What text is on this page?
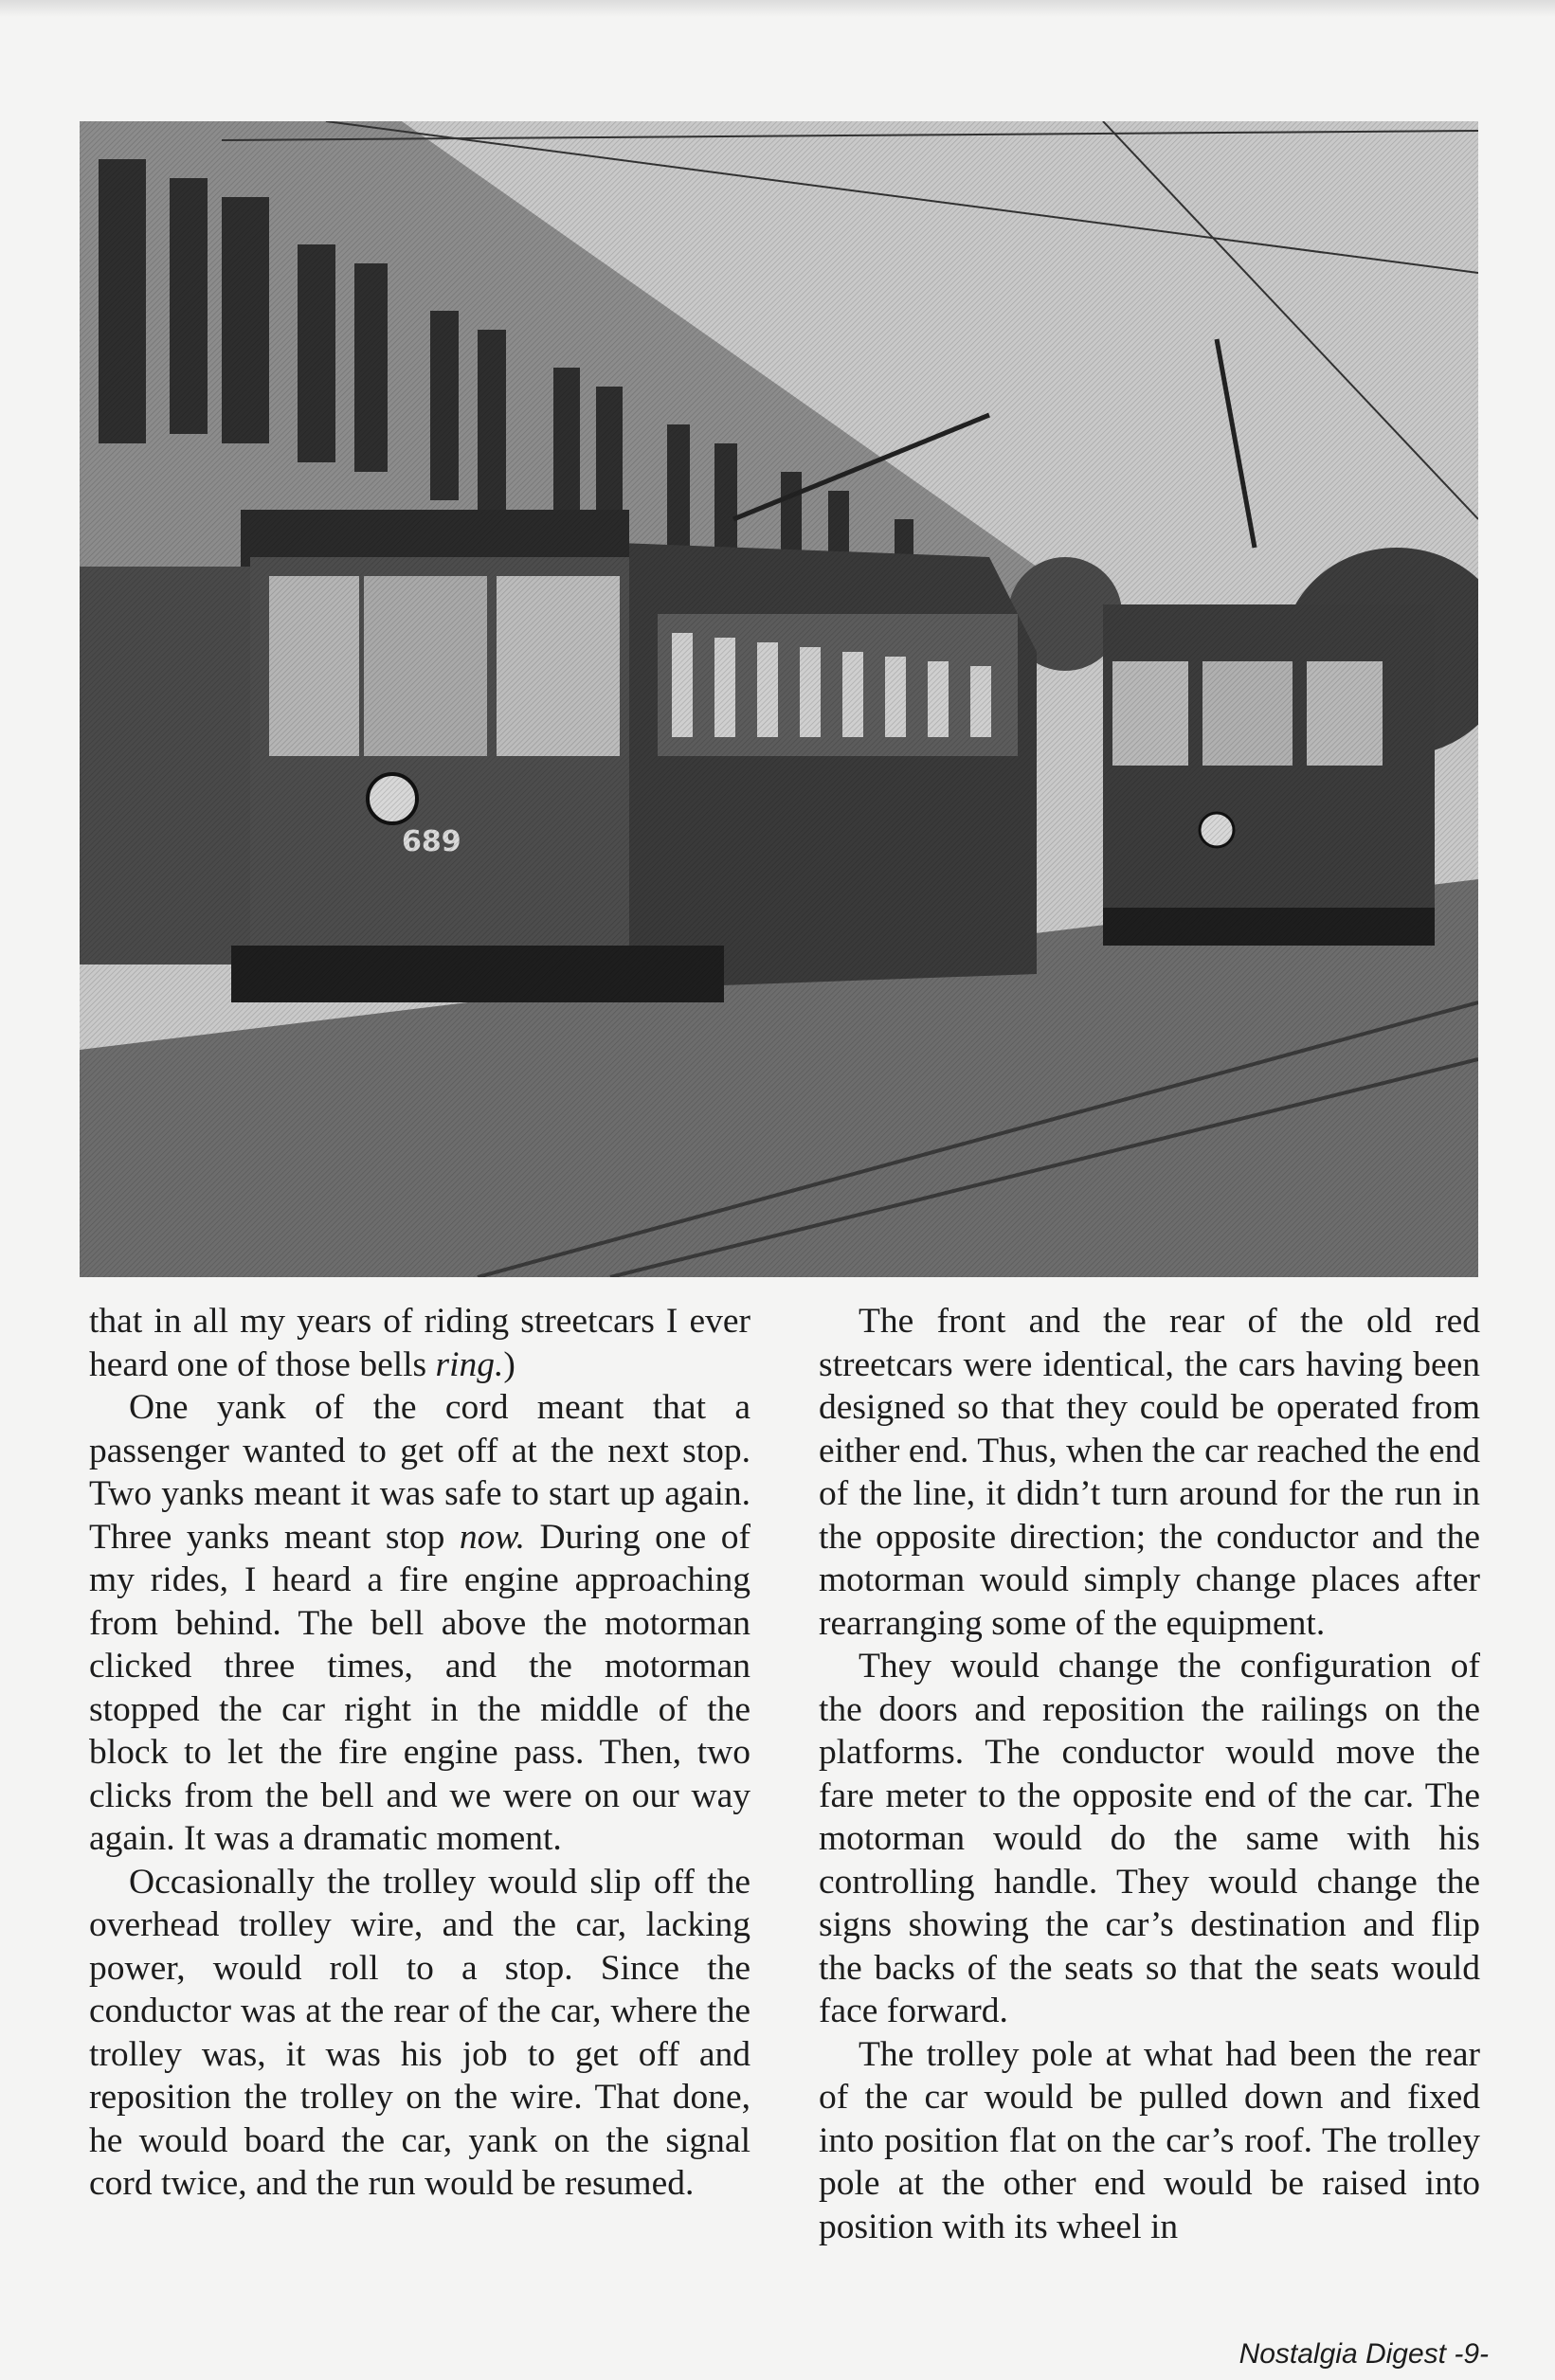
that in all my years of riding streetcars I ever heard one of those bells ring.)

One yank of the cord meant that a passenger wanted to get off at the next stop. Two yanks meant it was safe to start up again. Three yanks meant stop now. During one of my rides, I heard a fire engine approaching from behind. The bell above the motorman clicked three times, and the motorman stopped the car right in the middle of the block to let the fire engine pass. Then, two clicks from the bell and we were on our way again. It was a dramatic moment.

Occasionally the trolley would slip off the overhead trolley wire, and the car, lacking power, would roll to a stop. Since the conductor was at the rear of the car, where the trolley was, it was his job to get off and reposition the trolley on the wire. That done, he would board the car, yank on the signal cord twice, and the run would be resumed.

The front and the rear of the old red streetcars were identical, the cars having been designed so that they could be operated from either end. Thus, when the car reached the end of the line, it didn’t turn around for the run in the opposite direction; the conductor and the motorman would simply change places after rearranging some of the equipment.

They would change the configuration of the doors and reposition the railings on the platforms. The conductor would move the fare meter to the opposite end of the car. The motorman would do the same with his controlling handle. They would change the signs showing the car’s destination and flip the backs of the seats so that the seats would face forward.

The trolley pole at what had been the rear of the car would be pulled down and fixed into position flat on the car’s roof. The trolley pole at the other end would be raised into position with its wheel in

Nostalgia Digest -9-
